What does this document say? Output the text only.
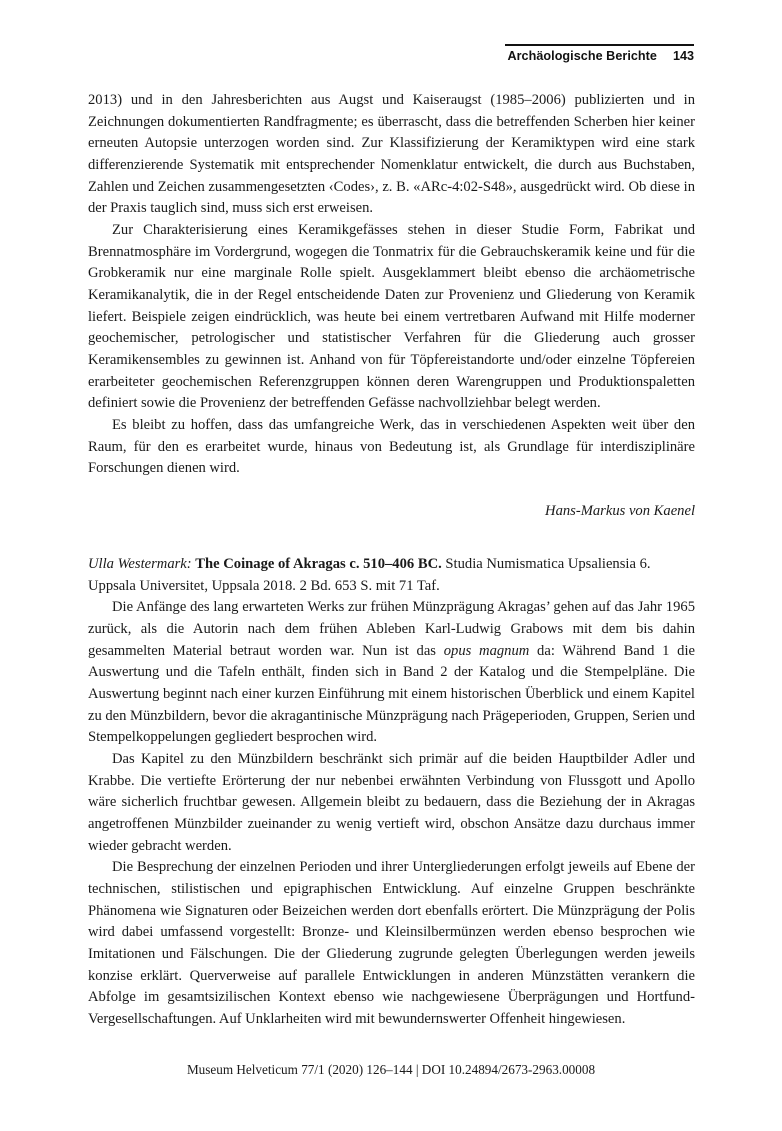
Archäologische Berichte 143

2013) und in den Jahresberichten aus Augst und Kaiseraugst (1985–2006) publizierten und in Zeichnungen dokumentierten Randfragmente; es überrascht, dass die betreffenden Scherben hier keiner erneuten Autopsie unterzogen worden sind. Zur Klassifizierung der Keramiktypen wird eine stark differenzierende Systematik mit entsprechender Nomenklatur entwickelt, die durch aus Buchstaben, Zahlen und Zeichen zusammengesetzten ‹Codes›, z. B. «ARc-4:02-S48», ausgedrückt wird. Ob diese in der Praxis tauglich sind, muss sich erst erweisen.

Zur Charakterisierung eines Keramikgefässes stehen in dieser Studie Form, Fabrikat und Brennatmosphäre im Vordergrund, wogegen die Tonmatrix für die Gebrauchskeramik keine und für die Grobkeramik nur eine marginale Rolle spielt. Ausgeklammert bleibt ebenso die archäometrische Keramikanalytik, die in der Regel entscheidende Daten zur Provenienz und Gliederung von Keramik liefert. Beispiele zeigen eindrücklich, was heute bei einem vertretbaren Aufwand mit Hilfe moderner geochemischer, petrologischer und statistischer Verfahren für die Gliederung auch grosser Keramikensembles zu gewinnen ist. Anhand von für Töpfereistandorte und/oder einzelne Töpfereien erarbeiteter geochemischen Referenzgruppen können deren Warengruppen und Produktionspaletten definiert sowie die Provenienz der betreffenden Gefässe nachvollziehbar belegt werden.

Es bleibt zu hoffen, dass das umfangreiche Werk, das in verschiedenen Aspekten weit über den Raum, für den es erarbeitet wurde, hinaus von Bedeutung ist, als Grundlage für interdisziplinäre Forschungen dienen wird.

Hans-Markus von Kaenel

Ulla Westermark: The Coinage of Akragas c. 510–406 BC. Studia Numismatica Upsaliensia 6. Uppsala Universitet, Uppsala 2018. 2 Bd. 653 S. mit 71 Taf.

Die Anfänge des lang erwarteten Werks zur frühen Münzprägung Akragas’ gehen auf das Jahr 1965 zurück, als die Autorin nach dem frühen Ableben Karl-Ludwig Grabows mit dem bis dahin gesammelten Material betraut worden war. Nun ist das opus magnum da: Während Band 1 die Auswertung und die Tafeln enthält, finden sich in Band 2 der Katalog und die Stempelpläne. Die Auswertung beginnt nach einer kurzen Einführung mit einem historischen Überblick und einem Kapitel zu den Münzbildern, bevor die akragantinische Münzprägung nach Prägeperioden, Gruppen, Serien und Stempelkoppelungen gegliedert besprochen wird.

Das Kapitel zu den Münzbildern beschränkt sich primär auf die beiden Hauptbilder Adler und Krabbe. Die vertiefte Erörterung der nur nebenbei erwähnten Verbindung von Flussgott und Apollo wäre sicherlich fruchtbar gewesen. Allgemein bleibt zu bedauern, dass die Beziehung der in Akragas angetroffenen Münzbilder zueinander zu wenig vertieft wird, obschon Ansätze dazu durchaus immer wieder gebracht werden.

Die Besprechung der einzelnen Perioden und ihrer Untergliederungen erfolgt jeweils auf Ebene der technischen, stilistischen und epigraphischen Entwicklung. Auf einzelne Gruppen beschränkte Phänomena wie Signaturen oder Beizeichen werden dort ebenfalls erörtert. Die Münzprägung der Polis wird dabei umfassend vorgestellt: Bronze- und Kleinsilbermünzen werden ebenso besprochen wie Imitationen und Fälschungen. Die der Gliederung zugrunde gelegten Überlegungen werden jeweils konzise erklärt. Querverweise auf parallele Entwicklungen in anderen Münzstätten verankern die Abfolge im gesamtsizilischen Kontext ebenso wie nachgewiesene Überprägungen und Hortfund-Vergesellschaftungen. Auf Unklarheiten wird mit bewundernswerter Offenheit hingewiesen.

Museum Helveticum 77/1 (2020) 126–144 | DOI 10.24894/2673-2963.00008
